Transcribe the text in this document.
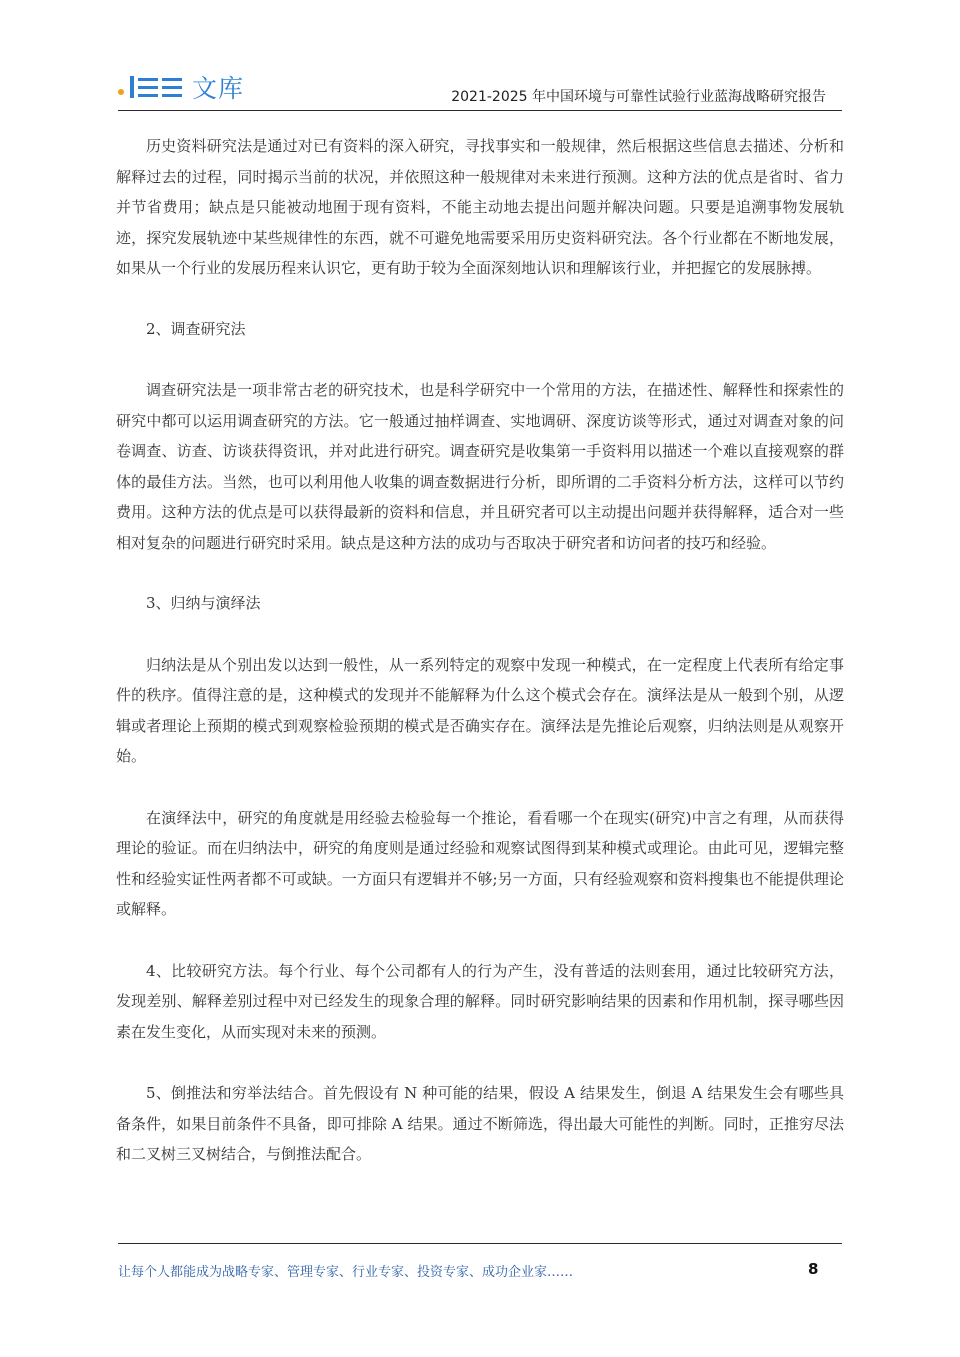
文库	2021-2025 年中国环境与可靠性试验行业蓝海战略研究报告

历史资料研究法是通过对已有资料的深入研究，寻找事实和一般规律，然后根据这些信息去描述、分析和解释过去的过程，同时揭示当前的状况，并依照这种一般规律对未来进行预测。这种方法的优点是省时、省力并节省费用；缺点是只能被动地囿于现有资料，不能主动地去提出问题并解决问题。只要是追溯事物发展轨迹，探究发展轨迹中某些规律性的东西，就不可避免地需要采用历史资料研究法。各个行业都在不断地发展，如果从一个行业的发展历程来认识它，更有助于较为全面深刻地认识和理解该行业，并把握它的发展脉搏。

2、调查研究法

调查研究法是一项非常古老的研究技术，也是科学研究中一个常用的方法，在描述性、解释性和探索性的研究中都可以运用调查研究的方法。它一般通过抽样调查、实地调研、深度访谈等形式，通过对调查对象的问卷调查、访查、访谈获得资讯，并对此进行研究。调查研究是收集第一手资料用以描述一个难以直接观察的群体的最佳方法。当然，也可以利用他人收集的调查数据进行分析，即所谓的二手资料分析方法，这样可以节约费用。这种方法的优点是可以获得最新的资料和信息，并且研究者可以主动提出问题并获得解释，适合对一些相对复杂的问题进行研究时采用。缺点是这种方法的成功与否取决于研究者和访问者的技巧和经验。

3、归纳与演绎法

归纳法是从个别出发以达到一般性，从一系列特定的观察中发现一种模式，在一定程度上代表所有给定事件的秩序。值得注意的是，这种模式的发现并不能解释为什么这个模式会存在。演绎法是从一般到个别，从逻辑或者理论上预期的模式到观察检验预期的模式是否确实存在。演绎法是先推论后观察，归纳法则是从观察开始。

在演绎法中，研究的角度就是用经验去检验每一个推论，看看哪一个在现实(研究)中言之有理，从而获得理论的验证。而在归纳法中，研究的角度则是通过经验和观察试图得到某种模式或理论。由此可见，逻辑完整性和经验实证性两者都不可或缺。一方面只有逻辑并不够;另一方面，只有经验观察和资料搜集也不能提供理论或解释。

4、比较研究方法。每个行业、每个公司都有人的行为产生，没有普适的法则套用，通过比较研究方法，发现差别、解释差别过程中对已经发生的现象合理的解释。同时研究影响结果的因素和作用机制，探寻哪些因素在发生变化，从而实现对未来的预测。

5、倒推法和穷举法结合。首先假设有 N 种可能的结果，假设 A 结果发生，倒退 A 结果发生会有哪些具备条件，如果目前条件不具备，即可排除 A 结果。通过不断筛选，得出最大可能性的判断。同时，正推穷尽法和二叉树三叉树结合，与倒推法配合。

让每个人都能成为战略专家、管理专家、行业专家、投资专家、成功企业家……	8
